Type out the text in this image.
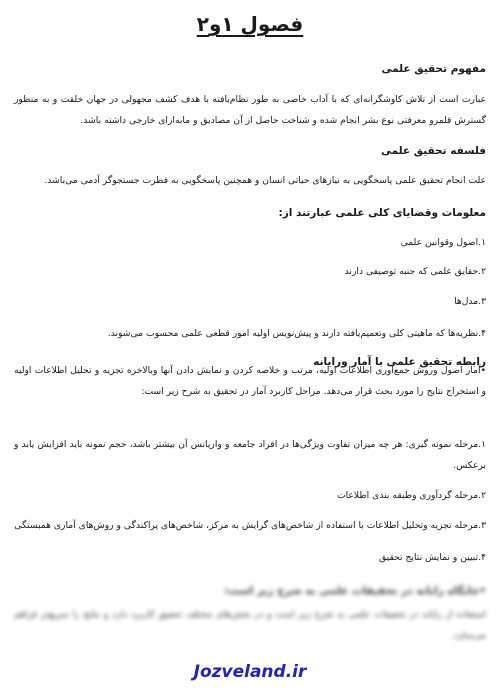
فصول ۱و۲
مفهوم تحقیق علمی
عبارت است از تلاش کاوشگرانه‌ای که با آداب خاصی به طور نظام‌یافته با هدف کشف مجهولی در جهان خلقت و به منظور گسترش قلمرو معرفتی نوع بشر انجام شده و شناخت حاصل از آن مصادیق و مابه‌ازای خارجی داشته باشد.
فلسفه تحقیق علمی
علت انجام تحقیق علمی پاسخگویی به نیازهای حیاتی انسان و همچنین پاسخگویی به فطرت جستجوگر آدمی می‌باشد.
معلومات وقضایای کلی علمی عبارتند از:
۱.اصول وقوانین علمی
۲.حقایق علمی که جنبه توصیفی دارند
۳.مدل‌ها
۴.نظریه‌ها که ماهیتی کلی وتعمیم‌یافته دارند و پیش‌نویس اولیه امور قطعی علمی محسوب می‌شوند.
رابطه تحقیق علمی با آمار ورایانه
•آمار اصول وروش جمع‌آوری اطلاعات اولیه، مرتب و خلاصه کردن و نمایش دادن آنها وبالاخره تجزیه و تحلیل اطلاعات اولیه و استخراج نتایج را مورد بحث قرار می‌دهد. مراحل کاربرد آمار در تحقیق به شرح زیر است:
۱.مرحله نمونه گیری: هر چه میزان تفاوت ویژگی‌ها در افراد جامعه و واریانس آن بیشتر باشد، حجم نمونه باید افزایش یابد و برعکس.
۲.مرحله گردآوری وطبقه بندی اطلاعات
۳.مرحله تجزیه وتحلیل اطلاعات با استفاده از شاخص‌های گرایش به مرکز، شاخص‌های پراکندگی و روش‌های آماری همبستگی
۴.تبیین و نمایش نتایج تحقیق
•جایگاه رایانه در تحقیقات علمی به شرح زیر است:
استفاده از رایانه در تحقیقات علمی به شرح زیر است و در بخش‌های مختلف تحقیق کاربرد دارد و نتایج را سریع‌تر فراهم می‌سازد.
Jozveland.ir
